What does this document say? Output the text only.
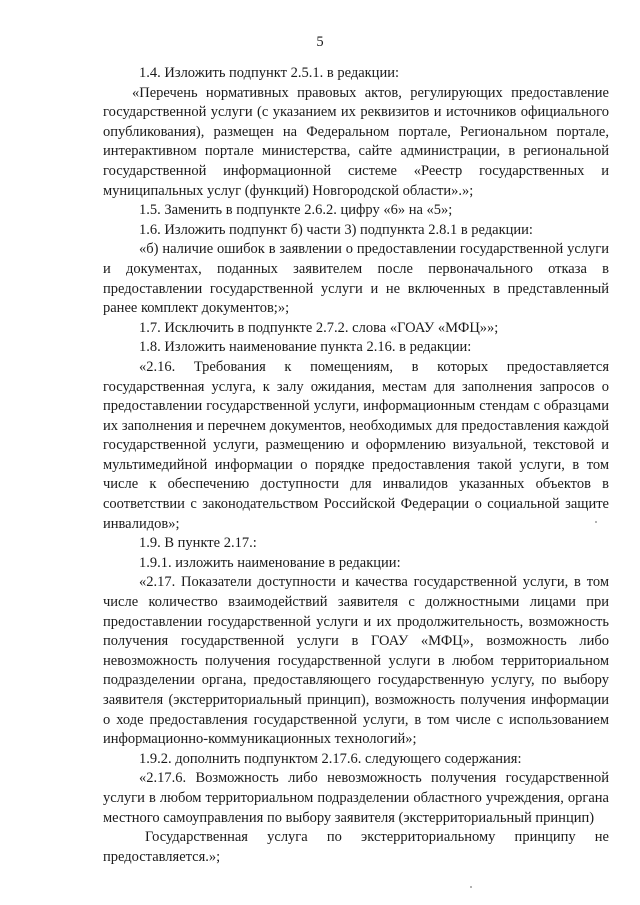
5

1.4. Изложить подпункт 2.5.1. в редакции:

«Перечень нормативных правовых актов, регулирующих предоставление государственной услуги (с указанием их реквизитов и источников официального опубликования), размещен на Федеральном портале, Региональном портале, интерактивном портале министерства, сайте администрации, в региональной государственной информационной системе «Реестр государственных и муниципальных услуг (функций) Новгородской области».»;

1.5. Заменить в подпункте 2.6.2. цифру «6» на «5»;

1.6. Изложить подпункт б) части 3) подпункта 2.8.1 в редакции:

«б) наличие ошибок в заявлении о предоставлении государственной услуги и документах, поданных заявителем после первоначального отказа в предоставлении государственной услуги и не включенных в представленный ранее комплект документов;»;

1.7. Исключить в подпункте 2.7.2. слова «ГОАУ «МФЦ»»;

1.8. Изложить наименование пункта 2.16. в редакции:

«2.16. Требования к помещениям, в которых предоставляется государственная услуга, к залу ожидания, местам для заполнения запросов о предоставлении государственной услуги, информационным стендам с образцами их заполнения и перечнем документов, необходимых для предоставления каждой государственной услуги, размещению и оформлению визуальной, текстовой и мультимедийной информации о порядке предоставления такой услуги, в том числе к обеспечению доступности для инвалидов указанных объектов в соответствии с законодательством Российской Федерации о социальной защите инвалидов»;

1.9. В пункте 2.17.:

1.9.1. изложить наименование в редакции:

«2.17. Показатели доступности и качества государственной услуги, в том числе количество взаимодействий заявителя с должностными лицами при предоставлении государственной услуги и их продолжительность, возможность получения государственной услуги в ГОАУ «МФЦ», возможность либо невозможность получения государственной услуги в любом территориальном подразделении органа, предоставляющего государственную услугу, по выбору заявителя (экстерриториальный принцип), возможность получения информации о ходе предоставления государственной услуги, в том числе с использованием информационно-коммуникационных технологий»;

1.9.2. дополнить подпунктом 2.17.6. следующего содержания:

«2.17.6. Возможность либо невозможность получения государственной услуги в любом территориальном подразделении областного учреждения, органа местного самоуправления по выбору заявителя (экстерриториальный принцип)

Государственная услуга по экстерриториальному принципу не предоставляется.»;
